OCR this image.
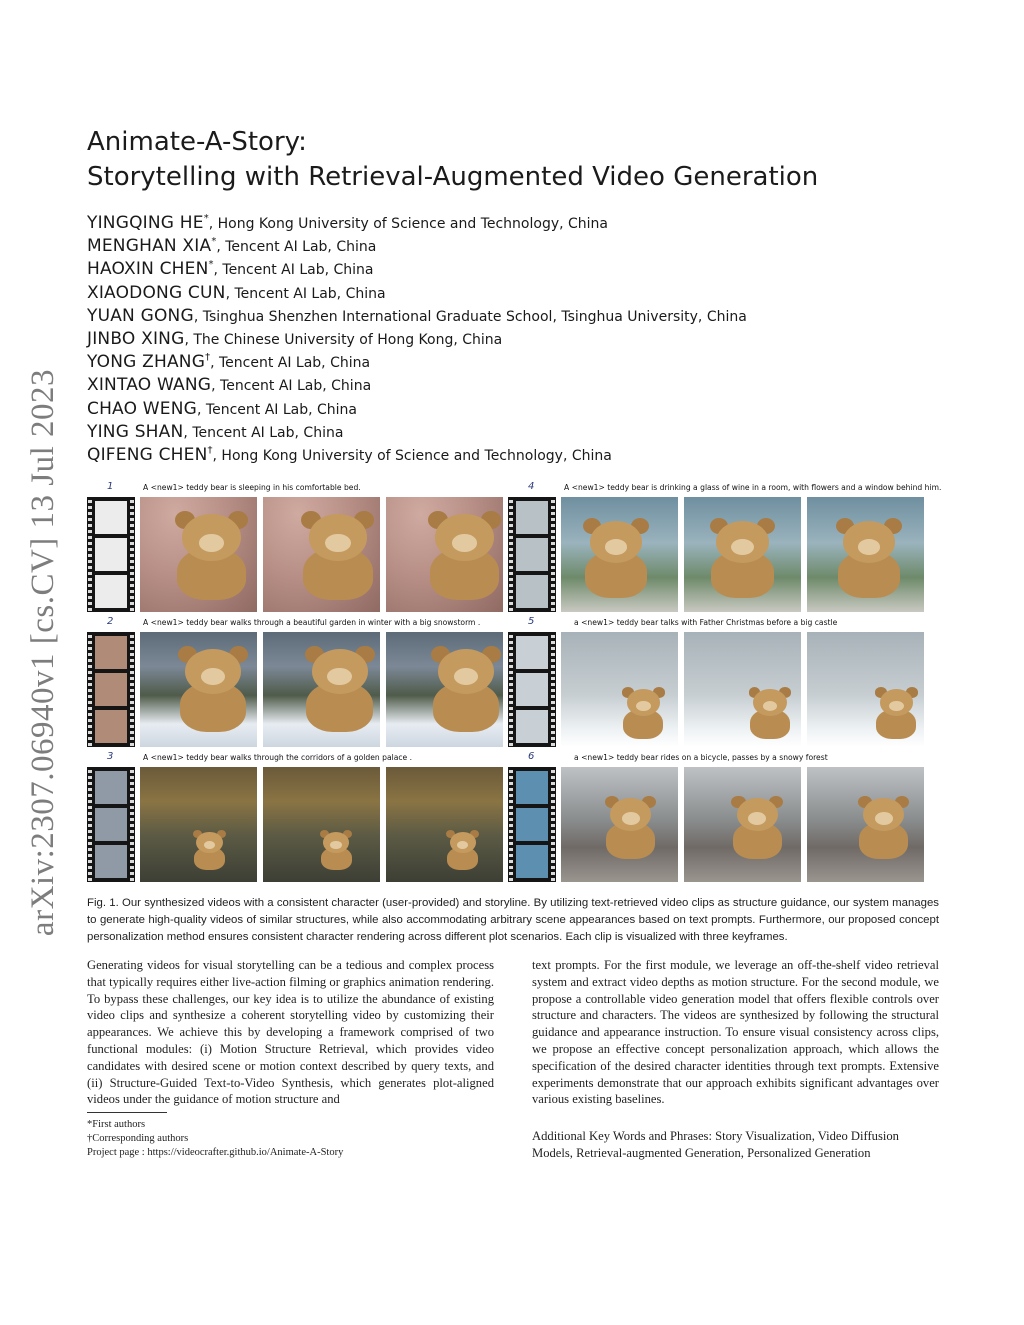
arXiv:2307.06940v1 [cs.CV] 13 Jul 2023
Animate-A-Story:
Storytelling with Retrieval-Augmented Video Generation
YINGQING HE*, Hong Kong University of Science and Technology, China
MENGHAN XIA*, Tencent AI Lab, China
HAOXIN CHEN*, Tencent AI Lab, China
XIAODONG CUN, Tencent AI Lab, China
YUAN GONG, Tsinghua Shenzhen International Graduate School, Tsinghua University, China
JINBO XING, The Chinese University of Hong Kong, China
YONG ZHANG†, Tencent AI Lab, China
XINTAO WANG, Tencent AI Lab, China
CHAO WENG, Tencent AI Lab, China
YING SHAN, Tencent AI Lab, China
QIFENG CHEN†, Hong Kong University of Science and Technology, China
1	A <new1> teddy bear is sleeping in his comfortable bed.	4	A <new1> teddy bear is drinking a glass of wine in a room, with flowers and a window behind him.
2	A <new1> teddy bear walks through a beautiful garden in winter with a big snowstorm .	5	a <new1> teddy bear talks with Father Christmas before a big castle
3	A <new1> teddy bear walks through the corridors of a golden palace .	6	a <new1> teddy bear rides on a bicycle, passes by a snowy forest
Fig. 1. Our synthesized videos with a consistent character (user-provided) and storyline. By utilizing text-retrieved video clips as structure guidance, our system manages to generate high-quality videos of similar structures, while also accommodating arbitrary scene appearances based on text prompts. Furthermore, our proposed concept personalization method ensures consistent character rendering across different plot scenarios. Each clip is visualized with three keyframes.
Generating videos for visual storytelling can be a tedious and complex process that typically requires either live-action filming or graphics animation rendering. To bypass these challenges, our key idea is to utilize the abundance of existing video clips and synthesize a coherent storytelling video by customizing their appearances. We achieve this by developing a framework comprised of two functional modules: (i) Motion Structure Retrieval, which provides video candidates with desired scene or motion context described by query texts, and (ii) Structure-Guided Text-to-Video Synthesis, which generates plot-aligned videos under the guidance of motion structure and
text prompts. For the first module, we leverage an off-the-shelf video retrieval system and extract video depths as motion structure. For the second module, we propose a controllable video generation model that offers flexible controls over structure and characters. The videos are synthesized by following the structural guidance and appearance instruction. To ensure visual consistency across clips, we propose an effective concept personalization approach, which allows the specification of the desired character identities through text prompts. Extensive experiments demonstrate that our approach exhibits significant advantages over various existing baselines.
*First authors
†Corresponding authors
Project page : https://videocrafter.github.io/Animate-A-Story
Additional Key Words and Phrases: Story Visualization, Video Diffusion Models, Retrieval-augmented Generation, Personalized Generation
